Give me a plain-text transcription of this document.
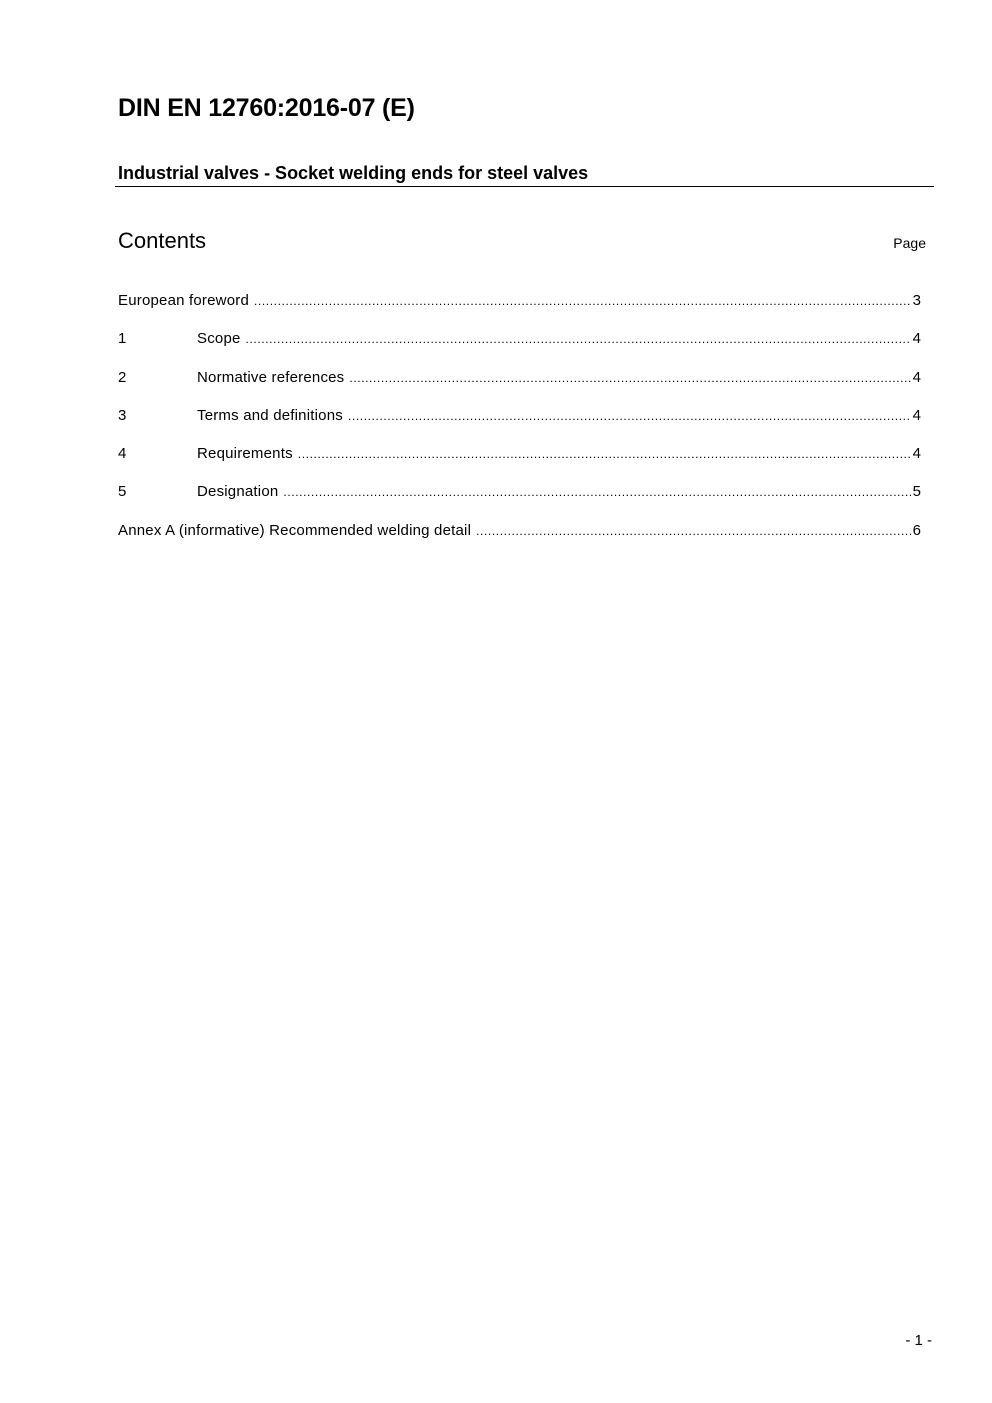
DIN EN 12760:2016-07 (E)
Industrial valves - Socket welding ends for steel valves
Contents	Page
European foreword .....	3
1	Scope .....	4
2	Normative references .....	4
3	Terms and definitions .....	4
4	Requirements .....	4
5	Designation .....	5
Annex A (informative) Recommended welding detail .....	6
- 1 -
